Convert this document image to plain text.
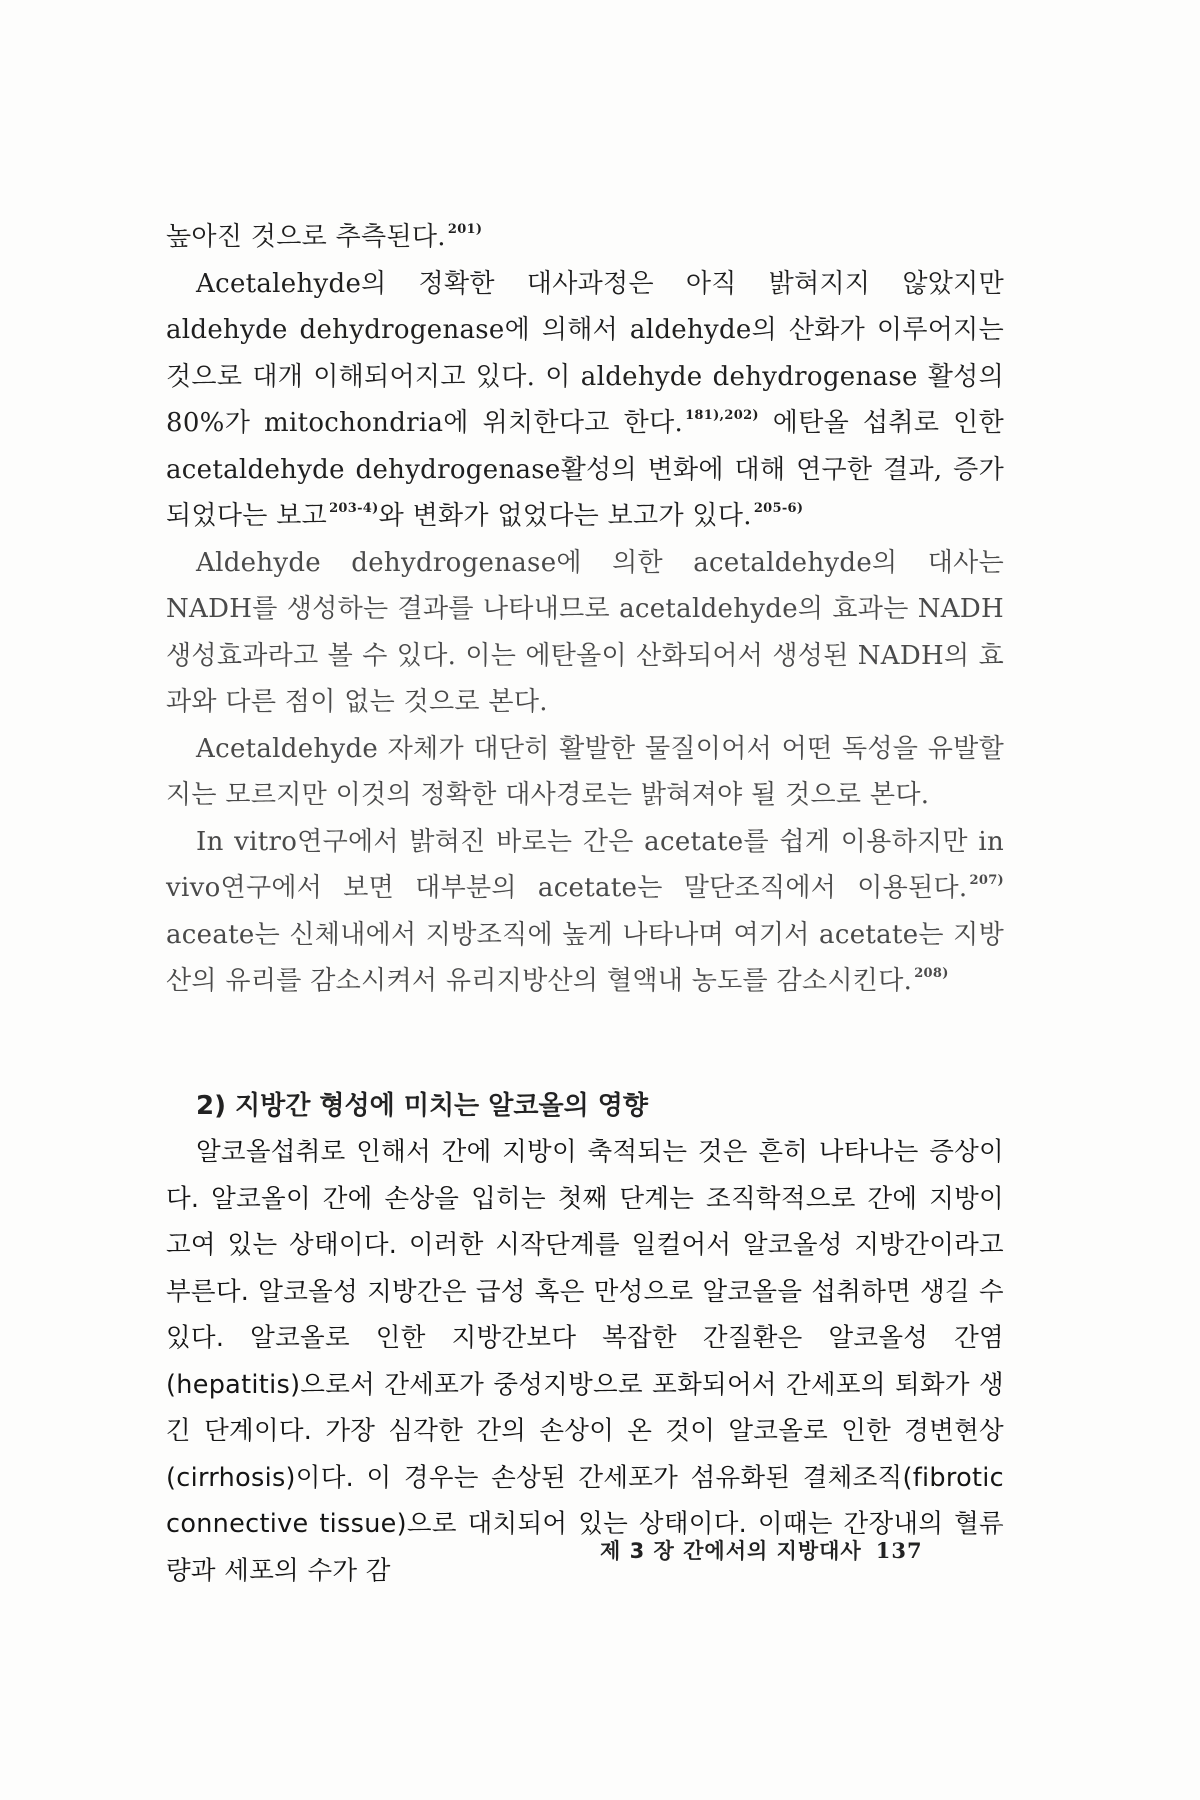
높아진 것으로 추측된다. $^{201)}$

Acetalehyde의 정확한 대사과정은 아직 밝혀지지 않았지만 aldehyde dehydrogenase에 의해서 aldehyde의 산화가 이루어지는 것으로 대개 이해되어지고 있다. 이 aldehyde dehydrogenase 활성의 80%가 mitochondria에 위치한다고 한다. $^{181),202)}$ 에탄올 섭취로 인한 acetaldehyde dehydrogenase활성의 변화에 대해 연구한 결과, 증가되었다는 보고 $^{203-4)}$와 변화가 없었다는 보고가 있다. $^{205-6)}$

Aldehyde dehydrogenase에 의한 acetaldehyde의 대사는 NADH를 생성하는 결과를 나타내므로 acetaldehyde의 효과는 NADH생성효과라고 볼 수 있다. 이는 에탄올이 산화되어서 생성된 NADH의 효과와 다른 점이 없는 것으로 본다.

Acetaldehyde 자체가 대단히 활발한 물질이어서 어떤 독성을 유발할지는 모르지만 이것의 정확한 대사경로는 밝혀져야 될 것으로 본다.

In vitro연구에서 밝혀진 바로는 간은 acetate를 쉽게 이용하지만 in vivo연구에서 보면 대부분의 acetate는 말단조직에서 이용된다. $^{207)}$ aceate는 신체내에서 지방조직에 높게 나타나며 여기서 acetate는 지방산의 유리를 감소시켜서 유리지방산의 혈액내 농도를 감소시킨다. $^{208)}$

2) 지방간 형성에 미치는 알코올의 영향

알코올섭취로 인해서 간에 지방이 축적되는 것은 흔히 나타나는 증상이다. 알코올이 간에 손상을 입히는 첫째 단계는 조직학적으로 간에 지방이 고여 있는 상태이다. 이러한 시작단계를 일컬어서 알코올성 지방간이라고 부른다. 알코올성 지방간은 급성 혹은 만성으로 알코올을 섭취하면 생길 수 있다. 알코올로 인한 지방간보다 복잡한 간질환은 알코올성 간염(hepatitis)으로서 간세포가 중성지방으로 포화되어서 간세포의 퇴화가 생긴 단계이다. 가장 심각한 간의 손상이 온 것이 알코올로 인한 경변현상(cirrhosis)이다. 이 경우는 손상된 간세포가 섬유화된 결체조직(fibrotic connective tissue)으로 대치되어 있는 상태이다. 이때는 간장내의 혈류량과 세포의 수가 감

제 3 장 간에서의 지방대사 137
